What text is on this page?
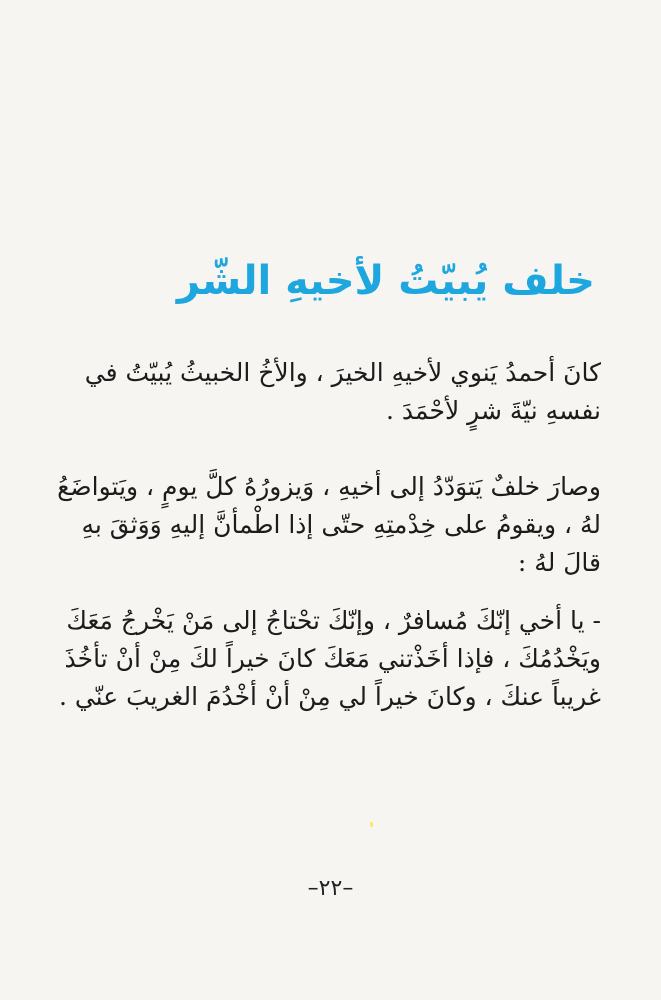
خلف يُبيّتُ لأخيهِ الشّر

كانَ أحمدُ يَنوي لأخيهِ الخيرَ ، والأخُ الخبيثُ يُبيّتُ في نفسهِ نيّةَ شرٍ لأحْمَدَ .

وصارَ خلفٌ يَتوَدّدُ إلى أخيهِ ، وَيزورُهُ كلَّ يومٍ ، ويَتواضَعُ لهُ ، ويقومُ على خِدْمتِهِ حتّى إذا اطْمأنَّ إليهِ وَوَثقَ بهِ قالَ لهُ :

- يا أخي إنّكَ مُسافرٌ ، وإنّكَ تحْتاجُ إلى مَنْ يَخْرجُ مَعَكَ ويَخْدُمُكَ ، فإذا أخَذْتني مَعَكَ كانَ خيراً لكَ مِنْ أنْ تأخُذَ غريباً عنكَ ، وكانَ خيراً لي مِنْ أنْ أخْدُمَ الغريبَ عنّي .

–٢٢–
